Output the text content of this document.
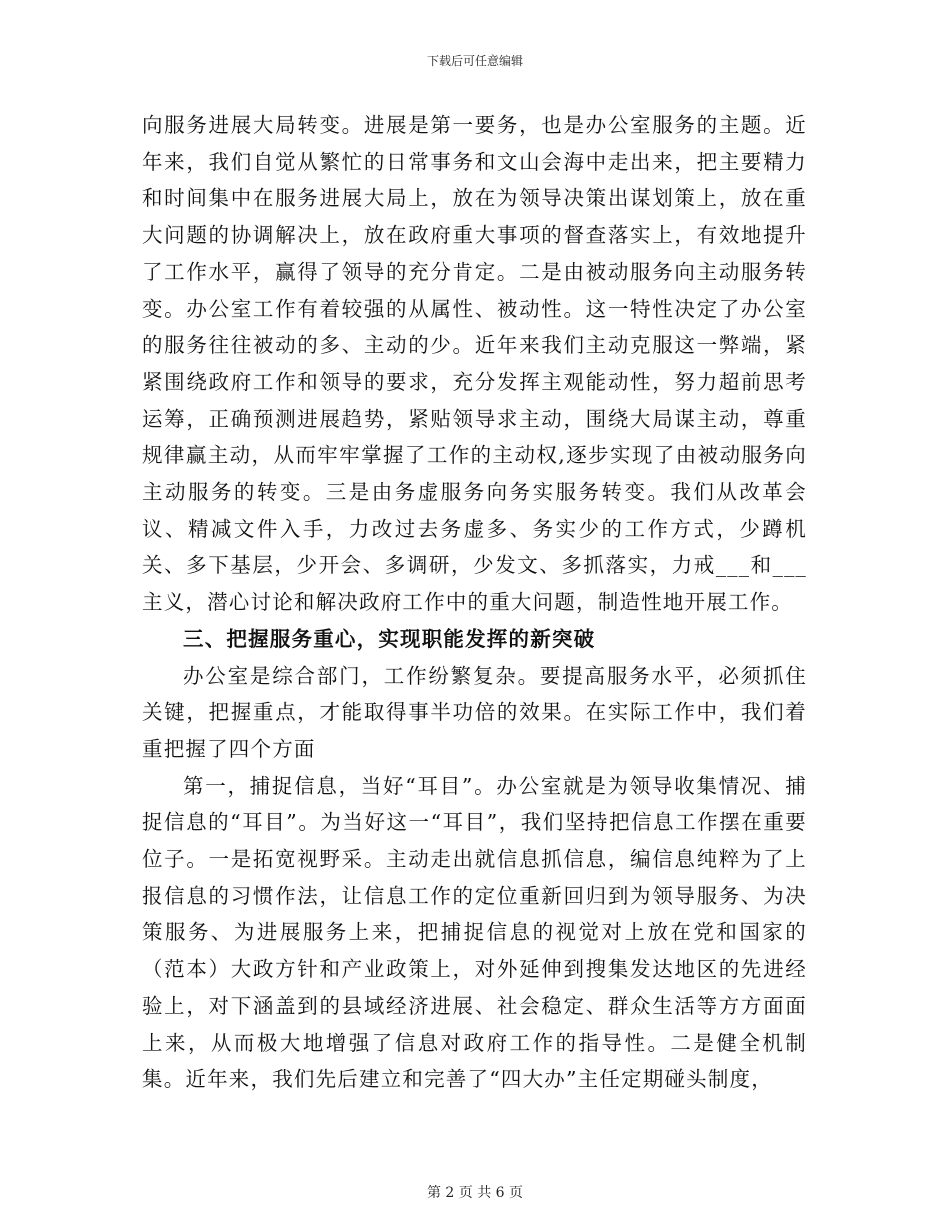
下载后可任意编辑

向服务进展大局转变。进展是第一要务，也是办公室服务的主题。近年来，我们自觉从繁忙的日常事务和文山会海中走出来，把主要精力和时间集中在服务进展大局上，放在为领导决策出谋划策上，放在重大问题的协调解决上，放在政府重大事项的督查落实上，有效地提升了工作水平，赢得了领导的充分肯定。二是由被动服务向主动服务转变。办公室工作有着较强的从属性、被动性。这一特性决定了办公室的服务往往被动的多、主动的少。近年来我们主动克服这一弊端，紧紧围绕政府工作和领导的要求，充分发挥主观能动性，努力超前思考运筹，正确预测进展趋势，紧贴领导求主动，围绕大局谋主动，尊重规律赢主动，从而牢牢掌握了工作的主动权,逐步实现了由被动服务向主动服务的转变。三是由务虚服务向务实服务转变。我们从改革会议、精减文件入手，力改过去务虚多、务实少的工作方式，少蹲机关、多下基层，少开会、多调研，少发文、多抓落实，力戒___和___主义，潜心讨论和解决政府工作中的重大问题，制造性地开展工作。

三、把握服务重心，实现职能发挥的新突破

办公室是综合部门，工作纷繁复杂。要提高服务水平，必须抓住关键，把握重点，才能取得事半功倍的效果。在实际工作中，我们着重把握了四个方面

第一，捕捉信息，当好“耳目”。办公室就是为领导收集情况、捕捉信息的“耳目”。为当好这一“耳目”，我们坚持把信息工作摆在重要位子。一是拓宽视野采。主动走出就信息抓信息，编信息纯粹为了上报信息的习惯作法，让信息工作的定位重新回归到为领导服务、为决策服务、为进展服务上来，把捕捉信息的视觉对上放在党和国家的（范本）大政方针和产业政策上，对外延伸到搜集发达地区的先进经验上，对下涵盖到的县域经济进展、社会稳定、群众生活等方方面面上来，从而极大地增强了信息对政府工作的指导性。二是健全机制集。近年来，我们先后建立和完善了“四大办”主任定期碰头制度，

第 2 页 共 6 页
